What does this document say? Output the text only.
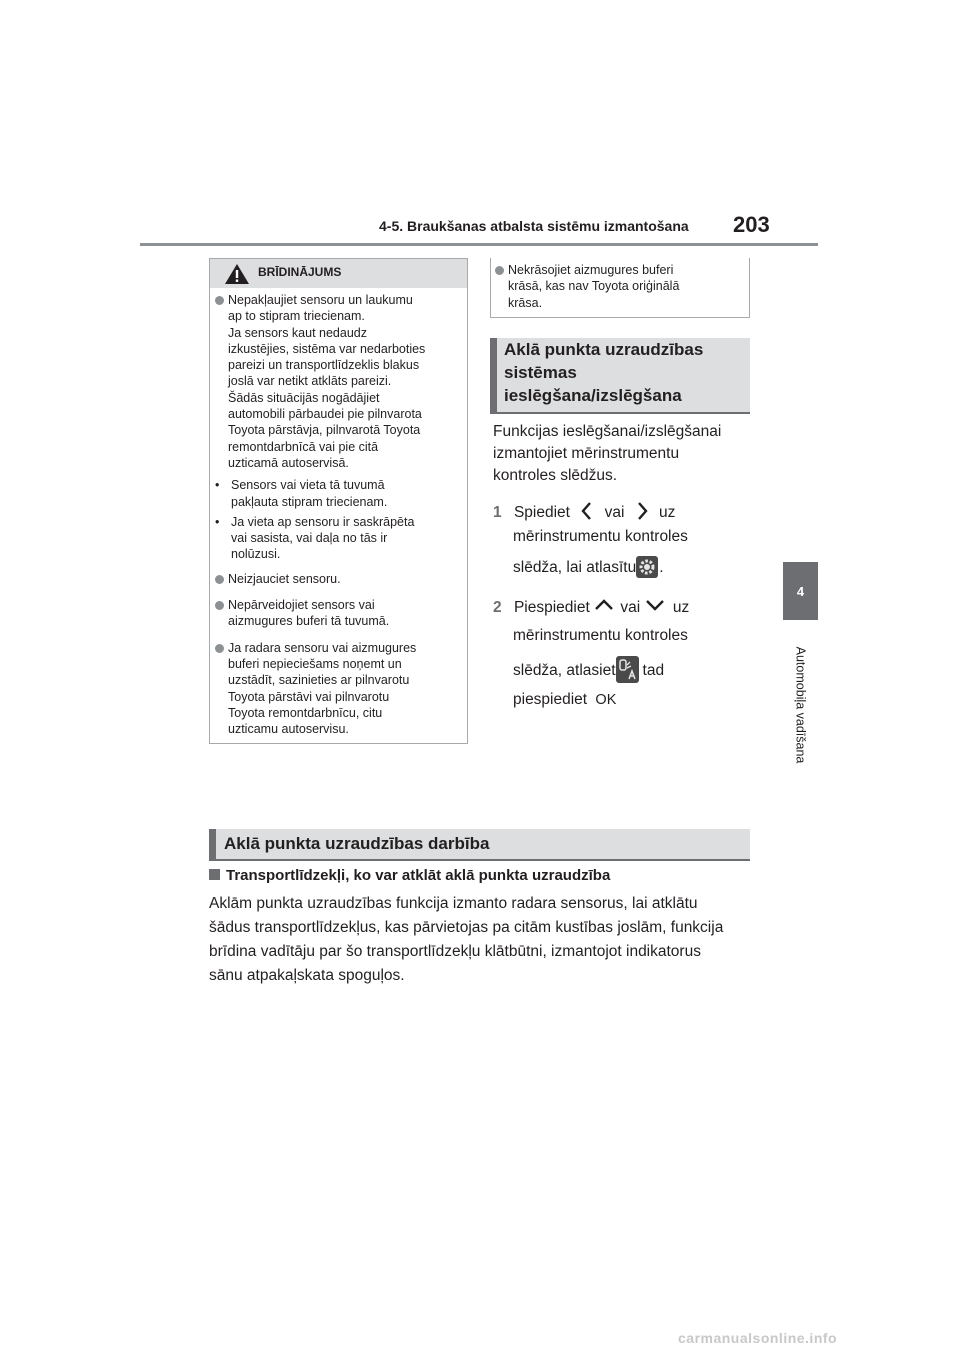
4-5. Braukšanas atbalsta sistēmu izmantošana 203
4
Automobiļa vadīšana
BRĪDINĀJUMS
Nepakļaujiet sensoru un laukumu
ap to stipram triecienam.
Ja sensors kaut nedaudz
izkustējies, sistēma var nedarboties
pareizi un transportlīdzeklis blakus
joslā var netikt atklāts pareizi.
Šādās situācijās nogādājiet
automobili pārbaudei pie pilnvarota
Toyota pārstāvja, pilnvarotā Toyota
remontdarbnīcā vai pie citā
uzticamā autoservisā.
• Sensors vai vieta tā tuvumā
pakļauta stipram triecienam.
• Ja vieta ap sensoru ir saskrāpēta
vai sasista, vai daļa no tās ir
nolūzusi.
Neizjauciet sensoru.
Nepārveidojiet sensors vai
aizmugures buferi tā tuvumā.
Ja radara sensoru vai aizmugures
buferi nepieciešams noņemt un
uzstādīt, sazinieties ar pilnvarotu
Toyota pārstāvi vai pilnvarotu
Toyota remontdarbnīcu, citu
uzticamu autoservisu.
Nekrāsojiet aizmugures buferi
krāsā, kas nav Toyota oriģinālā
krāsa.
Aklā punkta uzraudzības
sistēmas
ieslēgšana/izslēgšana
Funkcijas ieslēgšanai/izslēgšanai
izmantojiet mērinstrumentu
kontroles slēdžus.
1 Spiediet vai uz
mērinstrumentu kontroles
slēdža, lai atlasītu .
2 Piespiediet vai uz
mērinstrumentu kontroles
slēdža, atlasiet tad
piespiediet OK
Aklā punkta uzraudzības darbība
Transportlīdzekļi, ko var atklāt aklā punkta uzraudzība
Aklām punkta uzraudzības funkcija izmanto radara sensorus, lai atklātu
šādus transportlīdzekļus, kas pārvietojas pa citām kustības joslām, funkcija
brīdina vadītāju par šo transportlīdzekļu klātbūtni, izmantojot indikatorus
sānu atpakaļskata spoguļos.
carmanualsonline.info
